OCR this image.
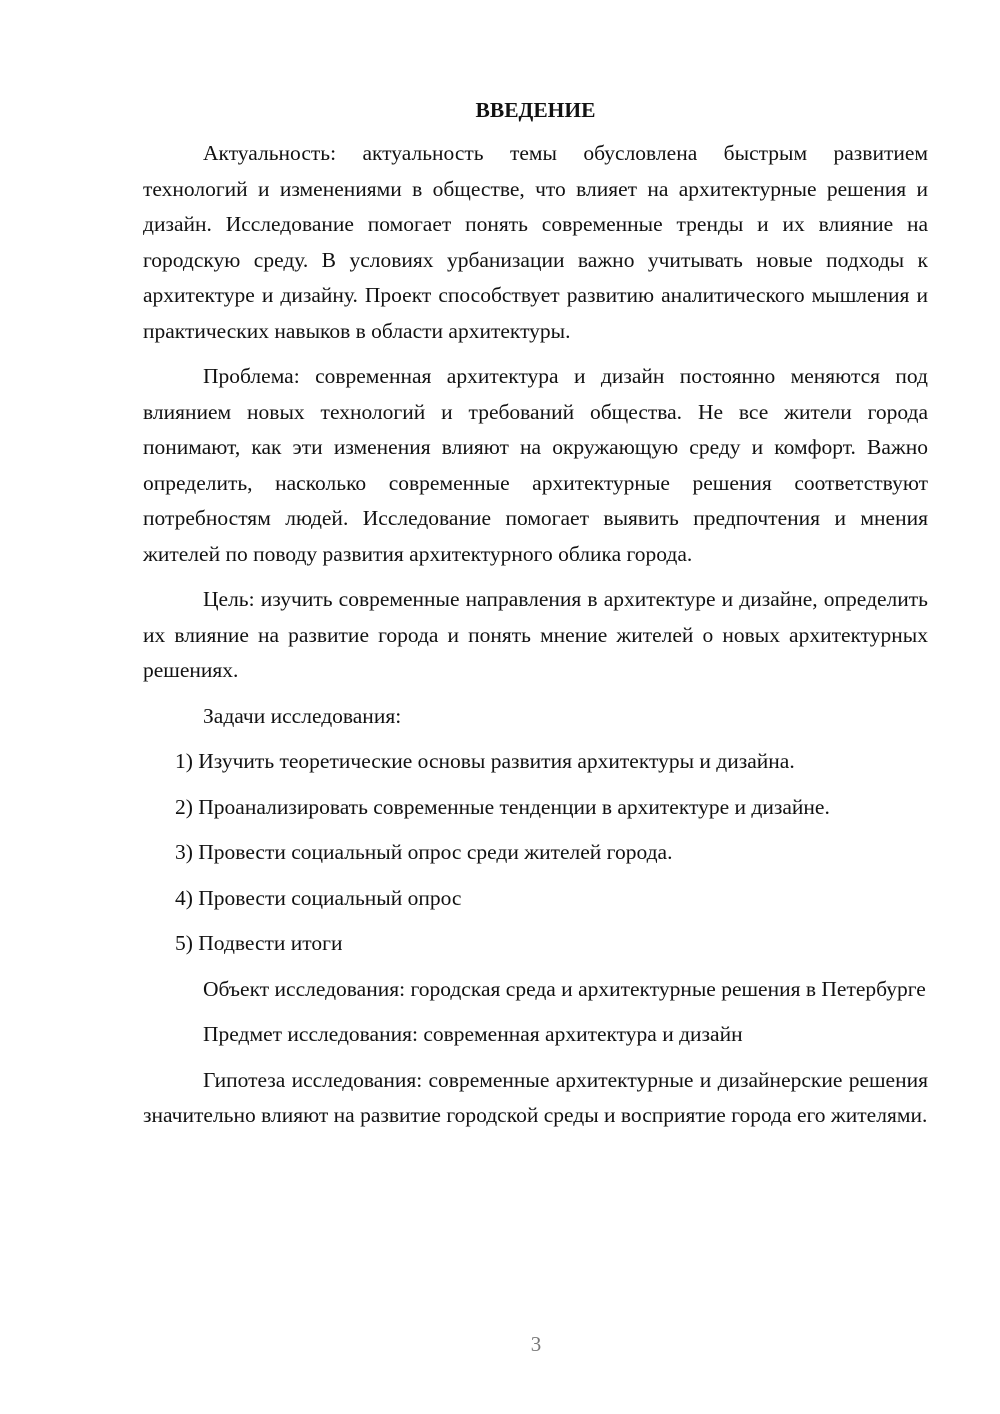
ВВЕДЕНИЕ

Актуальность: актуальность темы обусловлена быстрым развитием технологий и изменениями в обществе, что влияет на архитектурные решения и дизайн. Исследование помогает понять современные тренды и их влияние на городскую среду. В условиях урбанизации важно учитывать новые подходы к архитектуре и дизайну. Проект способствует развитию аналитического мышления и практических навыков в области архитектуры.

Проблема: современная архитектура и дизайн постоянно меняются под влиянием новых технологий и требований общества. Не все жители города понимают, как эти изменения влияют на окружающую среду и комфорт. Важно определить, насколько современные архитектурные решения соответствуют потребностям людей. Исследование помогает выявить предпочтения и мнения жителей по поводу развития архитектурного облика города.

Цель: изучить современные направления в архитектуре и дизайне, определить их влияние на развитие города и понять мнение жителей о новых архитектурных решениях.

Задачи исследования:

1) Изучить теоретические основы развития архитектуры и дизайна.

2) Проанализировать современные тенденции в архитектуре и дизайне.

3) Провести социальный опрос среди жителей города.

4) Провести социальный опрос

5) Подвести итоги

Объект исследования: городская среда и архитектурные решения в Петербурге

Предмет исследования: современная архитектура и дизайн

Гипотеза исследования: современные архитектурные и дизайнерские решения значительно влияют на развитие городской среды и восприятие города его жителями.

3
